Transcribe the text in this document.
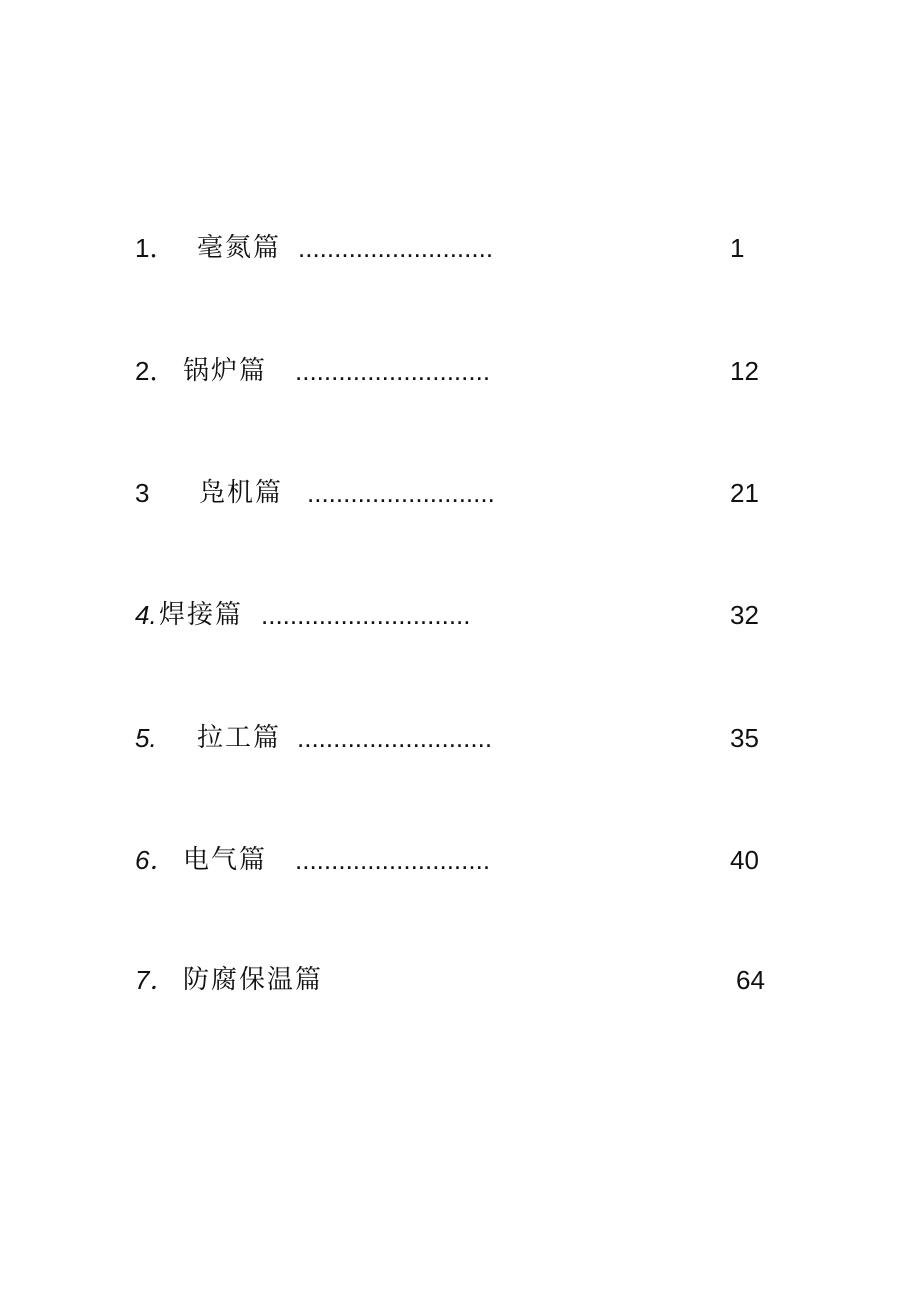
1． 毫氮篇 ...........................	1
2． 锅炉篇 ...........................	12
3 凫机篇 ..........................	21
4. 焊接篇 .............................	32
5. 拉工篇 ...........................	35
6． 电气篇 ...........................	40
7． 防腐保温篇	64
